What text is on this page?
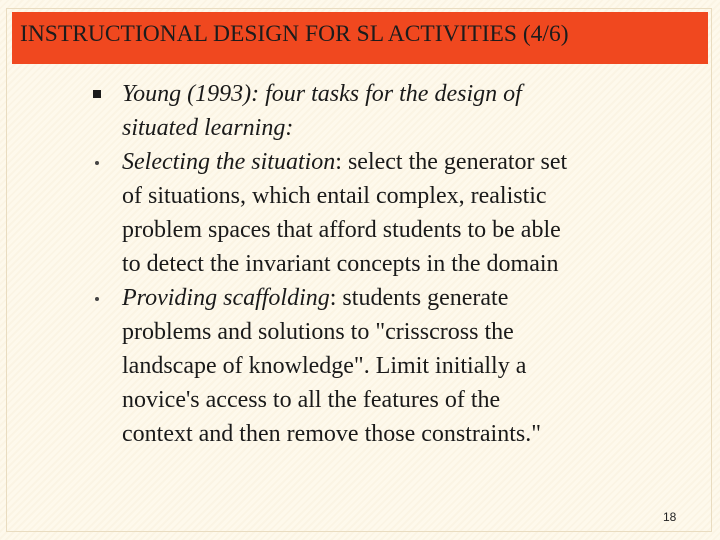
INSTRUCTIONAL DESIGN FOR SL ACTIVITIES (4/6)
Young (1993): four tasks for the design of
situated learning:
Selecting the situation: select the generator set
of situations, which entail complex, realistic
problem spaces that afford students to be able
to detect the invariant concepts in the domain
Providing scaffolding: students generate
problems and solutions to "crisscross the
landscape of knowledge". Limit initially a
novice's access to all the features of the
context and then remove those constraints."
18
